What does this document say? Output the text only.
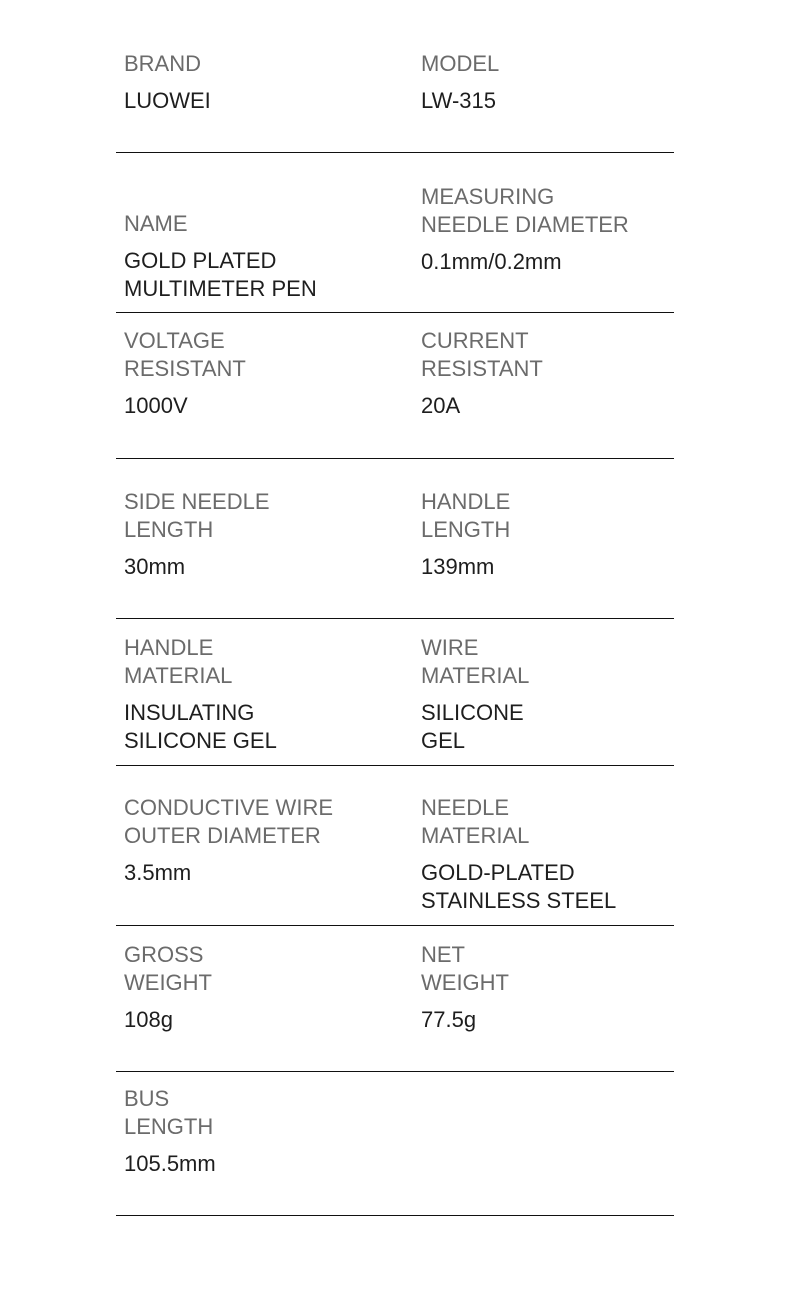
BRAND
LUOWEI
MODEL
LW-315
NAME
GOLD PLATED
MULTIMETER PEN
MEASURING
NEEDLE DIAMETER
0.1mm/0.2mm
VOLTAGE
RESISTANT
1000V
CURRENT
RESISTANT
20A
SIDE NEEDLE
LENGTH
30mm
HANDLE
LENGTH
139mm
HANDLE
MATERIAL
INSULATING
SILICONE GEL
WIRE
MATERIAL
SILICONE
GEL
CONDUCTIVE WIRE
OUTER DIAMETER
3.5mm
NEEDLE
MATERIAL
GOLD-PLATED
STAINLESS STEEL
GROSS
WEIGHT
108g
NET
WEIGHT
77.5g
BUS
LENGTH
105.5mm
